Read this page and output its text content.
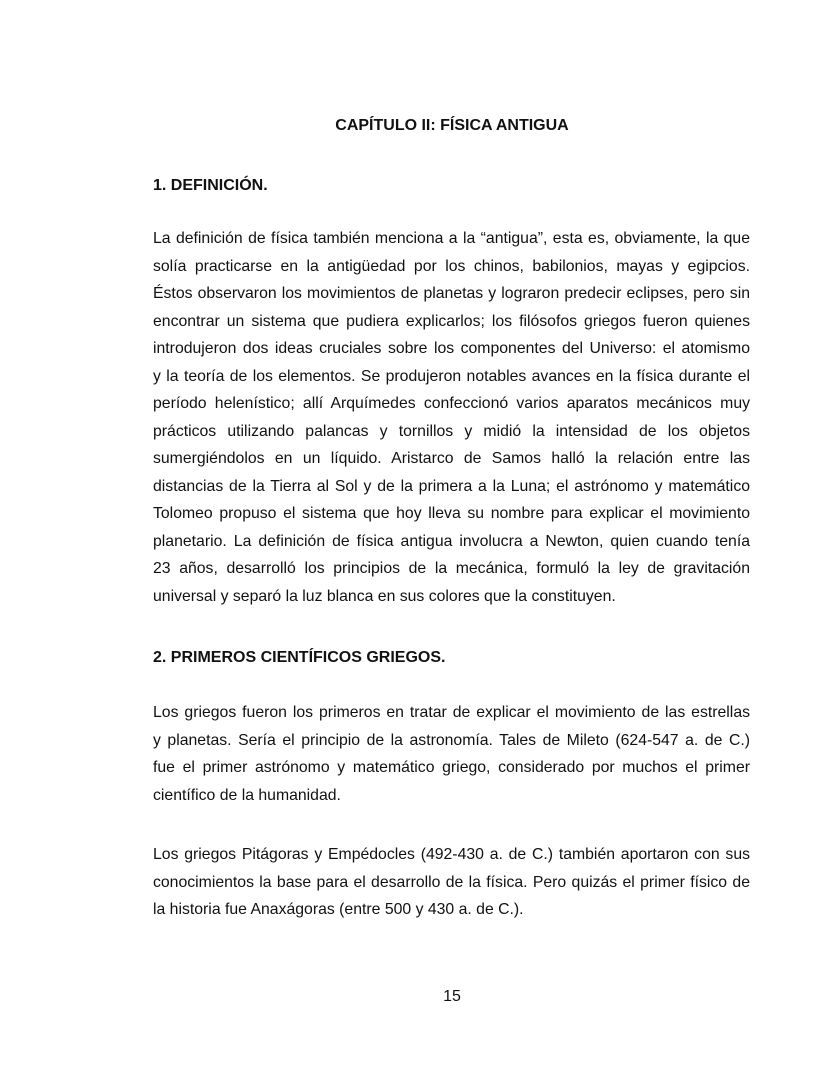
CAPÍTULO II: FÍSICA ANTIGUA
1. DEFINICIÓN.
La definición de física también menciona a la “antigua”, esta es, obviamente, la que
solía practicarse en la antigüedad por los chinos, babilonios, mayas y egipcios.
Éstos observaron los movimientos de planetas y lograron predecir eclipses, pero sin
encontrar un sistema que pudiera explicarlos; los filósofos griegos fueron quienes
introdujeron dos ideas cruciales sobre los componentes del Universo: el atomismo
y la teoría de los elementos. Se produjeron notables avances en la física durante el
período helenístico; allí Arquímedes confeccionó varios aparatos mecánicos muy
prácticos utilizando palancas y tornillos y midió la intensidad de los objetos
sumergiéndolos en un líquido. Aristarco de Samos halló la relación entre las
distancias de la Tierra al Sol y de la primera a la Luna; el astrónomo y matemático
Tolomeo propuso el sistema que hoy lleva su nombre para explicar el movimiento
planetario. La definición de física antigua involucra a Newton, quien cuando tenía
23 años, desarrolló los principios de la mecánica, formuló la ley de gravitación
universal y separó la luz blanca en sus colores que la constituyen.
2. PRIMEROS CIENTÍFICOS GRIEGOS.
Los griegos fueron los primeros en tratar de explicar el movimiento de las estrellas
y planetas. Sería el principio de la astronomía. Tales de Mileto (624-547 a. de C.)
fue el primer astrónomo y matemático griego, considerado por muchos el primer
científico de la humanidad.
Los griegos Pitágoras y Empédocles (492-430 a. de C.) también aportaron con sus
conocimientos la base para el desarrollo de la física. Pero quizás el primer físico de
la historia fue Anaxágoras (entre 500 y 430 a. de C.).
15
